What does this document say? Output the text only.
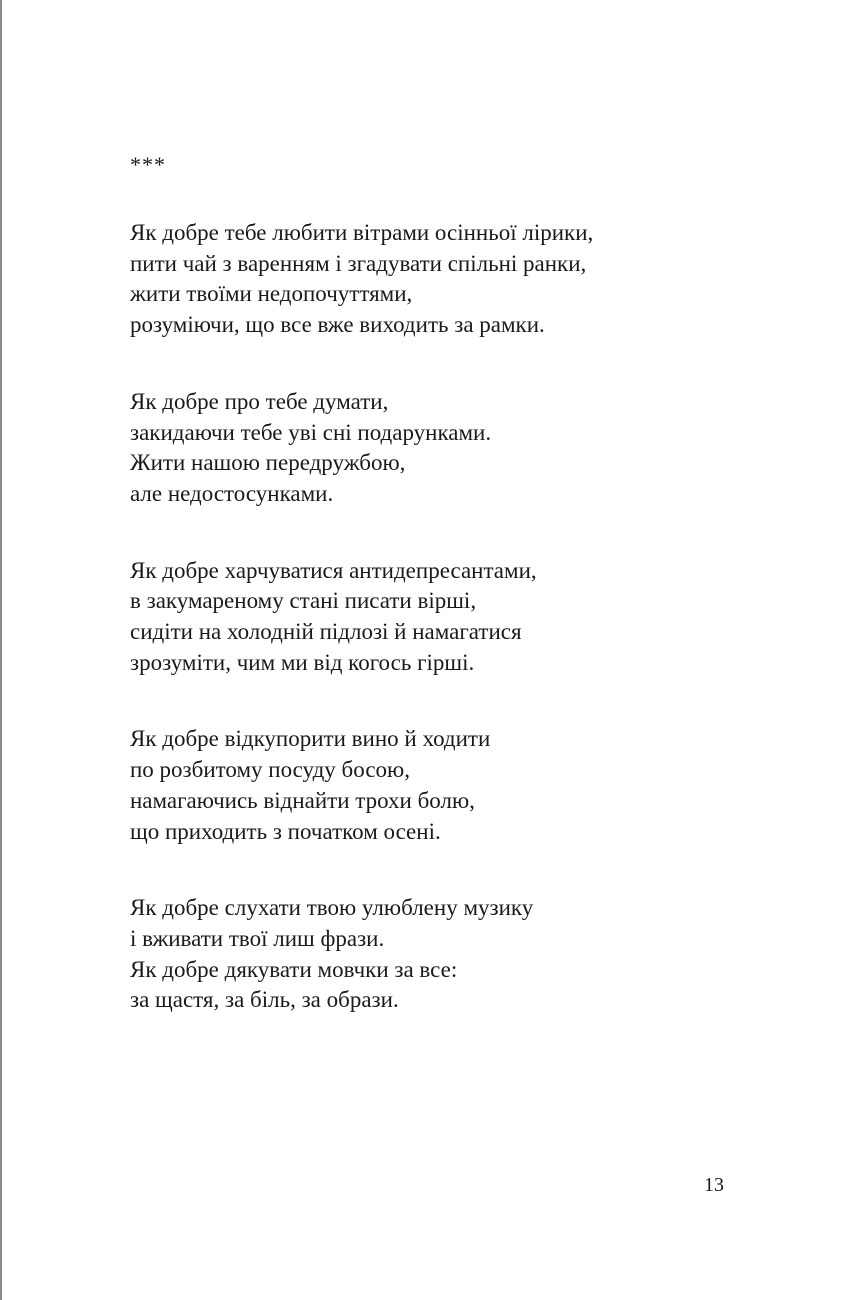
***
Як добре тебе любити вітрами осінньої лірики,
пити чай з варенням і згадувати спільні ранки,
жити твоїми недопочуттями,
розуміючи, що все вже виходить за рамки.
Як добре про тебе думати,
закидаючи тебе уві сні подарунками.
Жити нашою передружбою,
але недостосунками.
Як добре харчуватися антидепресантами,
в закумареному стані писати вірші,
сидіти на холодній підлозі й намагатися
зрозуміти, чим ми від когось гірші.
Як добре відкупорити вино й ходити
по розбитому посуду босою,
намагаючись віднайти трохи болю,
що приходить з початком осені.
Як добре слухати твою улюблену музику
і вживати твої лиш фрази.
Як добре дякувати мовчки за все:
за щастя, за біль, за образи.
13
